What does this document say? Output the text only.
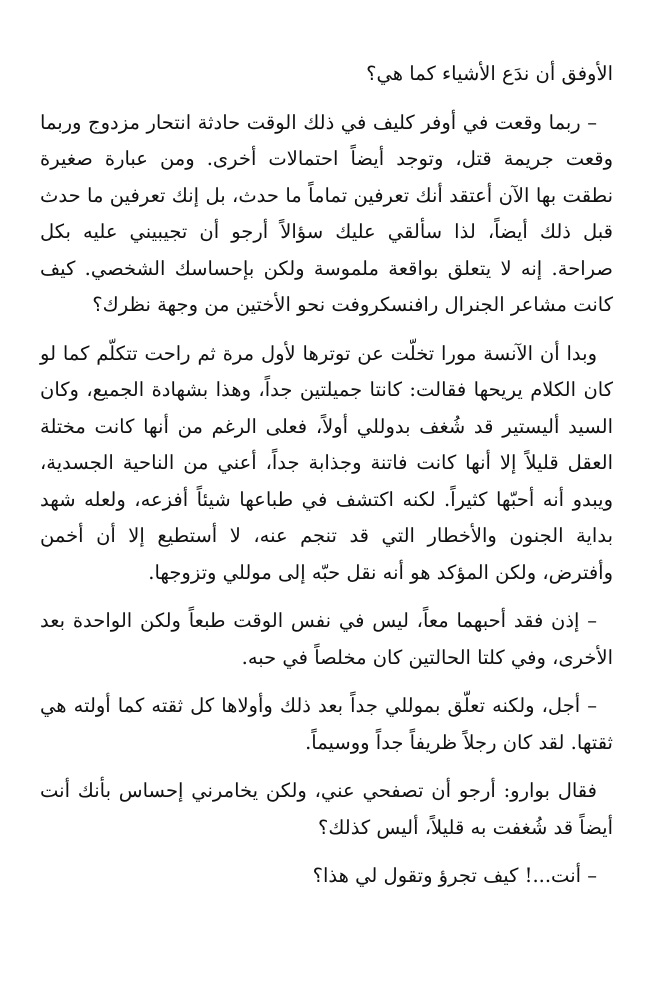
الأوفق أن ندَع الأشياء كما هي؟

– ربما وقعت في أوفر كليف في ذلك الوقت حادثة انتحار مزدوج وربما وقعت جريمة قتل، وتوجد أيضاً احتمالات أخرى. ومن عبارة صغيرة نطقت بها الآن أعتقد أنك تعرفين تماماً ما حدث، بل إنك تعرفين ما حدث قبل ذلك أيضاً، لذا سألقي عليك سؤالاً أرجو أن تجيبيني عليه بكل صراحة. إنه لا يتعلق بواقعة ملموسة ولكن بإحساسك الشخصي. كيف كانت مشاعر الجنرال رافنسكروفت نحو الأختين من وجهة نظرك؟

وبدا أن الآنسة مورا تخلّت عن توترها لأول مرة ثم راحت تتكلّم كما لو كان الكلام يريحها فقالت: كانتا جميلتين جداً، وهذا بشهادة الجميع، وكان السيد أليستير قد شُغف بدوللي أولاً، فعلى الرغم من أنها كانت مختلة العقل قليلاً إلا أنها كانت فاتنة وجذابة جداً، أعني من الناحية الجسدية، ويبدو أنه أحبّها كثيراً. لكنه اكتشف في طباعها شيئاً أفزعه، ولعله شهد بداية الجنون والأخطار التي قد تنجم عنه، لا أستطيع إلا أن أخمن وأفترض، ولكن المؤكد هو أنه نقل حبّه إلى موللي وتزوجها.

– إذن فقد أحبهما معاً، ليس في نفس الوقت طبعاً ولكن الواحدة بعد الأخرى، وفي كلتا الحالتين كان مخلصاً في حبه.

– أجل، ولكنه تعلّق بموللي جداً بعد ذلك وأولاها كل ثقته كما أولته هي ثقتها. لقد كان رجلاً ظريفاً جداً ووسيماً.

فقال بوارو: أرجو أن تصفحي عني، ولكن يخامرني إحساس بأنك أنت أيضاً قد شُغفت به قليلاً، أليس كذلك؟

– أنت...! كيف تجرؤ وتقول لي هذا؟
